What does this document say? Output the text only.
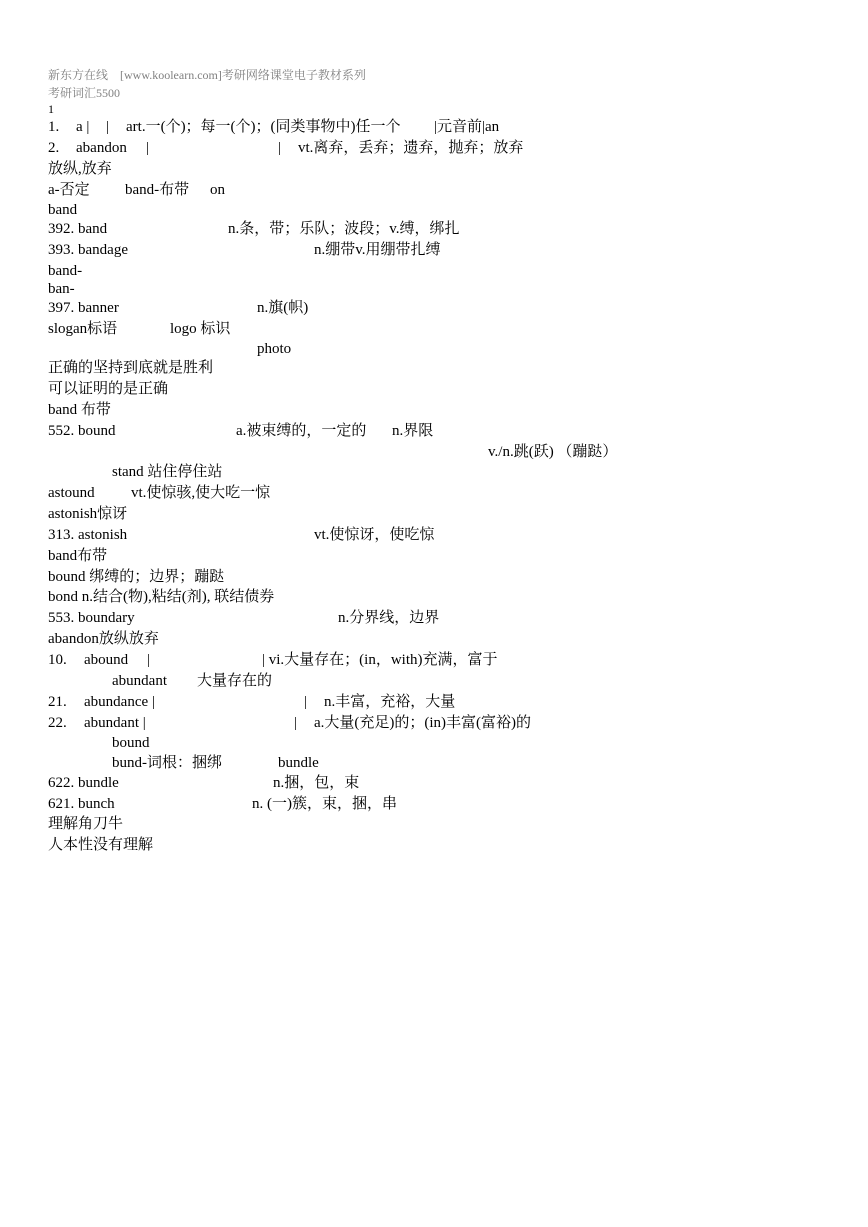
新东方在线　[www.koolearn.com]考研网络课堂电子教材系列
考研词汇5500
1
1. a | | art.一(个)；每一(个)；(同类事物中)任一个 |元音前|an
2. abandon |	| vt.离弃，丢弃；遗弃，抛弃；放弃
放纵,放弃
a-否定 band-布带 on
band
392. band	n.条，带；乐队；波段；v.缚，绑扎
393. bandage	n.绷带v.用绷带扎缚
band-
ban-
397. banner	n.旗(帜)
slogan标语	logo 标识
photo
正确的坚持到底就是胜利
可以证明的是正确
band 布带
552. bound	a.被束缚的，一定的 n.界限
v./n.跳(跃) （蹦跶）
stand 站住停住站
astound vt.使惊骇,使大吃一惊
astonish惊讶
313. astonish	vt.使惊讶，使吃惊
band布带
bound 绑缚的；边界；蹦跶
bond n.结合(物),粘结(剂), 联结债券
553. boundary	n.分界线，边界
abandon放纵放弃
10. abound |	| vi.大量存在；(in，with)充满，富于
abundant 大量存在的
21. abundance |	| n.丰富，充裕，大量
22. abundant |	| a.大量(充足)的；(in)丰富(富裕)的
bound
bund-词根：捆绑	bundle
622. bundle	n.捆，包，束
621. bunch	n. (一)簇，束，捆，串
理解角刀牛
人本性没有理解
